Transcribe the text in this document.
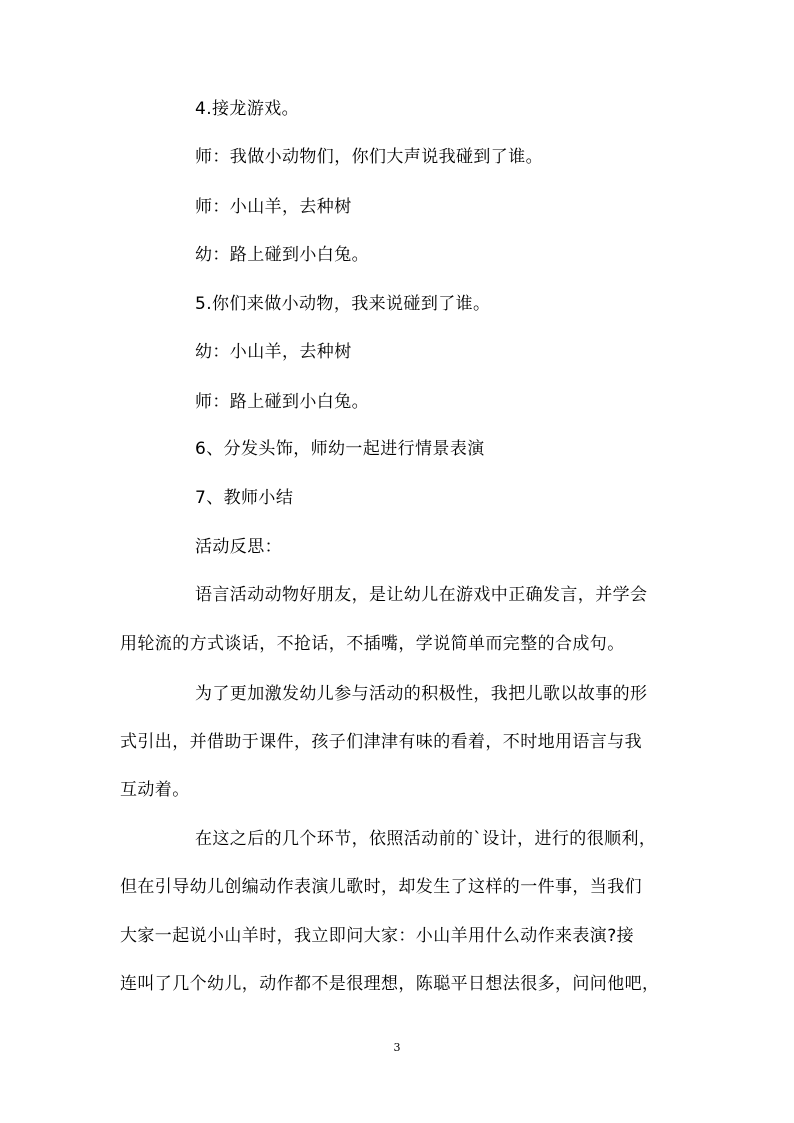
4.接龙游戏。
师：我做小动物们，你们大声说我碰到了谁。
师：小山羊，去种树
幼：路上碰到小白兔。
5.你们来做小动物，我来说碰到了谁。
幼：小山羊，去种树
师：路上碰到小白兔。
6、分发头饰，师幼一起进行情景表演
7、教师小结
活动反思：
语言活动动物好朋友，是让幼儿在游戏中正确发言，并学会
用轮流的方式谈话，不抢话，不插嘴，学说简单而完整的合成句。
为了更加激发幼儿参与活动的积极性，我把儿歌以故事的形
式引出，并借助于课件，孩子们津津有味的看着，不时地用语言与我
互动着。
在这之后的几个环节，依照活动前的`设计，进行的很顺利，
但在引导幼儿创编动作表演儿歌时，却发生了这样的一件事，当我们
大家一起说小山羊时，我立即问大家：小山羊用什么动作来表演?接
连叫了几个幼儿，动作都不是很理想，陈聪平日想法很多，问问他吧，
3
